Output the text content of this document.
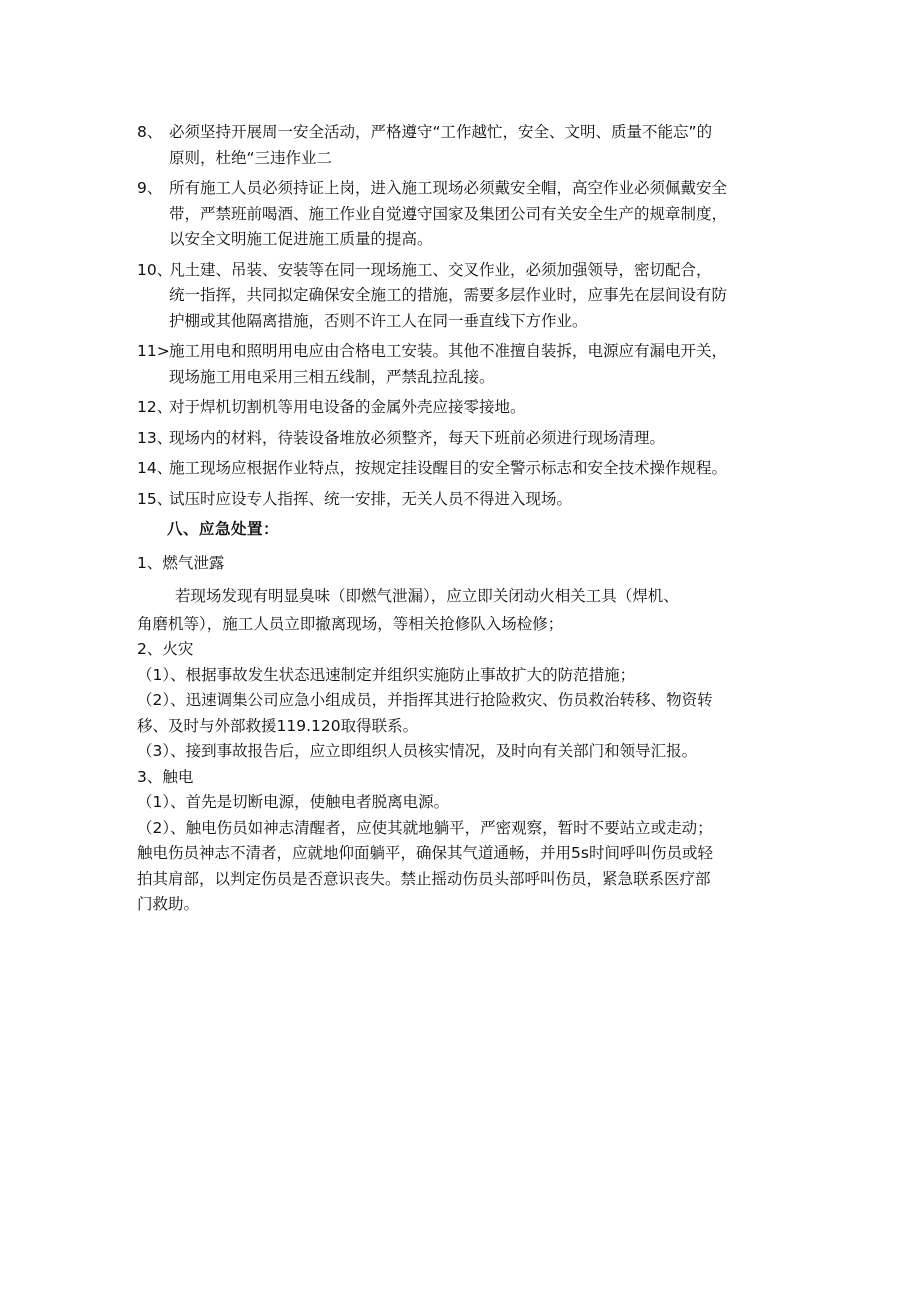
8、 必须坚持开展周一安全活动，严格遵守“工作越忙，安全、文明、质量不能忘”的
原则，杜绝“三违作业二
9、 所有施工人员必须持证上岗，进入施工现场必须戴安全帽，高空作业必须佩戴安全
带，严禁班前喝酒、施工作业自觉遵守国家及集团公司有关安全生产的规章制度，
以安全文明施工促进施工质量的提高。
10、
凡土建、吊装、安装等在同一现场施工、交叉作业，必须加强领导，密切配合，
统一指挥，共同拟定确保安全施工的措施，需要多层作业时，应事先在层间设有防
护棚或其他隔离措施，否则不许工人在同一垂直线下方作业。
11> 施工用电和照明用电应由合格电工安装。其他不准擅自装拆，电源应有漏电开关，
现场施工用电采用三相五线制，严禁乱拉乱接。
12、
对于焊机切割机等用电设备的金属外壳应接零接地。
13、
现场内的材料，待装设备堆放必须整齐，每天下班前必须进行现场清理。
14、
施工现场应根据作业特点，按规定挂设醒目的安全警示标志和安全技术操作规程。
15、
试压时应设专人指挥、统一安排，无关人员不得进入现场。
八、应急处置：
1、燃气泄露

若现场发现有明显臭味（即燃气泄漏），应立即关闭动火相关工具（焊机、

角磨机等），施工人员立即撤离现场，等相关抢修队入场检修；

2、火灾

（1）、根据事故发生状态迅速制定并组织实施防止事故扩大的防范措施；

（2）、迅速调集公司应急小组成员，并指挥其进行抢险救灾、伤员救治转移、物资转

移、及时与外部救援119.120取得联系。

（3）、接到事故报告后，应立即组织人员核实情况，及时向有关部门和领导汇报。

3、触电

（1）、首先是切断电源，使触电者脱离电源。

（2）、触电伤员如神志清醒者，应使其就地躺平，严密观察，暂时不要站立或走动；

触电伤员神志不清者，应就地仰面躺平，确保其气道通畅，并用5s时间呼叫伤员或轻

拍其肩部，以判定伤员是否意识丧失。禁止摇动伤员头部呼叫伤员，紧急联系医疗部

门救助。
